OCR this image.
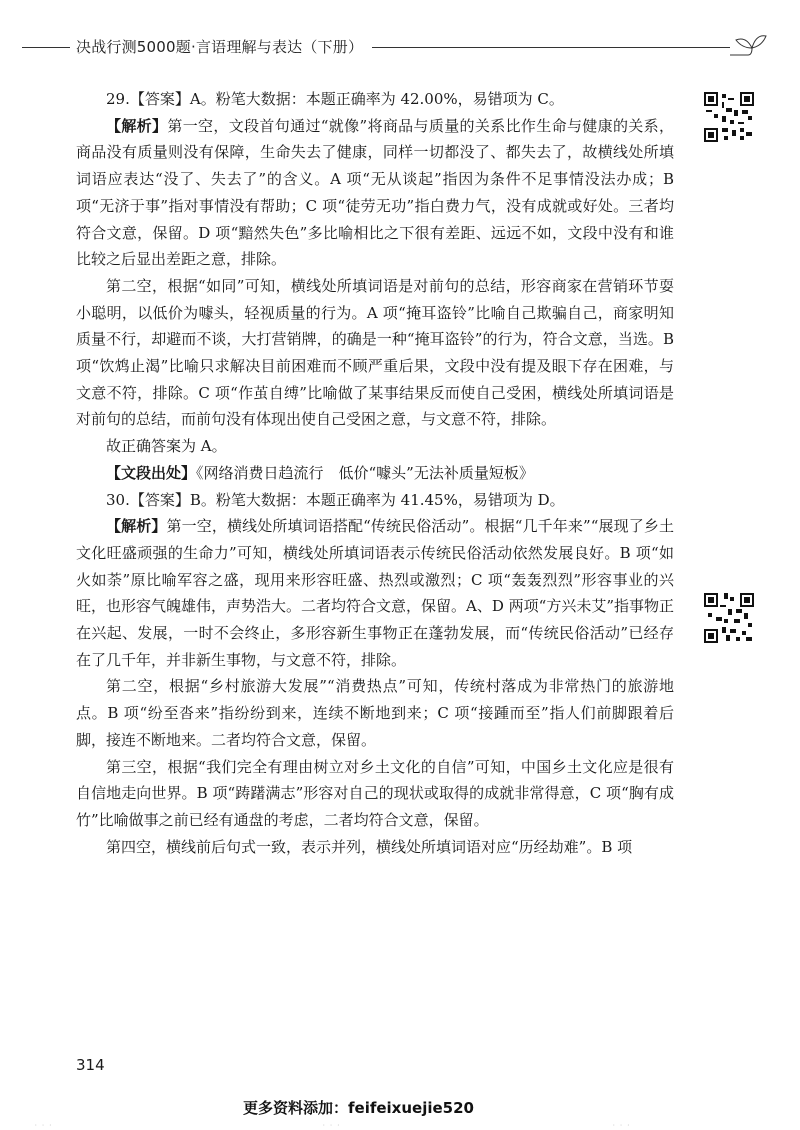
决战行测5000题·言语理解与表达（下册）

29.【答案】A。粉笔大数据：本题正确率为 42.00%，易错项为 C。

【解析】第一空，文段首句通过“就像”将商品与质量的关系比作生命与健康的关系，商品没有质量则没有保障，生命失去了健康，同样一切都没了、都失去了，故横线处所填词语应表达“没了、失去了”的含义。A 项“无从谈起”指因为条件不足事情没法办成；B 项“无济于事”指对事情没有帮助；C 项“徒劳无功”指白费力气，没有成就或好处。三者均符合文意，保留。D 项“黯然失色”多比喻相比之下很有差距、远远不如，文段中没有和谁比较之后显出差距之意，排除。

第二空，根据“如同”可知，横线处所填词语是对前句的总结，形容商家在营销环节耍小聪明，以低价为噱头，轻视质量的行为。A 项“掩耳盗铃”比喻自己欺骗自己，商家明知质量不行，却避而不谈，大打营销牌，的确是一种“掩耳盗铃”的行为，符合文意，当选。B 项“饮鸩止渴”比喻只求解决目前困难而不顾严重后果，文段中没有提及眼下存在困难，与文意不符，排除。C 项“作茧自缚”比喻做了某事结果反而使自己受困，横线处所填词语是对前句的总结，而前句没有体现出使自己受困之意，与文意不符，排除。

故正确答案为 A。

【文段出处】《网络消费日趋流行　低价“噱头”无法补质量短板》

30.【答案】B。粉笔大数据：本题正确率为 41.45%，易错项为 D。

【解析】第一空，横线处所填词语搭配“传统民俗活动”。根据“几千年来”“展现了乡土文化旺盛顽强的生命力”可知，横线处所填词语表示传统民俗活动依然发展良好。B 项“如火如荼”原比喻军容之盛，现用来形容旺盛、热烈或激烈；C 项“轰轰烈烈”形容事业的兴旺，也形容气魄雄伟，声势浩大。二者均符合文意，保留。A、D 两项“方兴未艾”指事物正在兴起、发展，一时不会终止，多形容新生事物正在蓬勃发展，而“传统民俗活动”已经存在了几千年，并非新生事物，与文意不符，排除。

第二空，根据“乡村旅游大发展”“消费热点”可知，传统村落成为非常热门的旅游地点。B 项“纷至沓来”指纷纷到来，连续不断地到来；C 项“接踵而至”指人们前脚跟着后脚，接连不断地来。二者均符合文意，保留。

第三空，根据“我们完全有理由树立对乡土文化的自信”可知，中国乡土文化应是很有自信地走向世界。B 项“踌躇满志”形容对自己的现状或取得的成就非常得意，C 项“胸有成竹”比喻做事之前已经有通盘的考虑，二者均符合文意，保留。

第四空，横线前后句式一致，表示并列，横线处所填词语对应“历经劫难”。B 项

314
更多资料添加：feifeixuejie520
· · ·	· · ·	· · ·
